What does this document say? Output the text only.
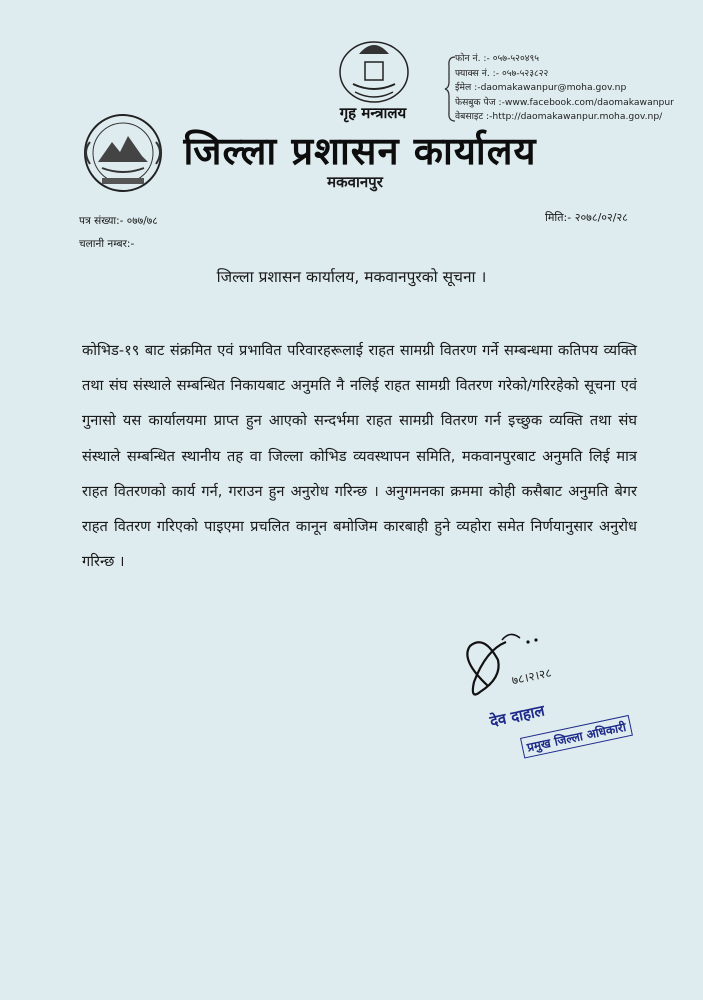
गृह मन्त्रालय
जिल्ला प्रशासन कार्यालय
मकवानपुर
फोन नं. :- ०५७-५२०४९५
फ्याक्स नं. :- ०५७-५२३८२२
ईमेल :-daomakawanpur@moha.gov.np
फेसबुक पेज :-www.facebook.com/daomakawanpur
वेबसाइट :-http://daomakawanpur.moha.gov.np/
पत्र संख्या:- ०७७/७८
चलानी नम्बर:-
मिति:- २०७८/०२/२८
जिल्ला प्रशासन कार्यालय, मकवानपुरको सूचना ।
कोभिड-१९ बाट संक्रमित एवं प्रभावित परिवारहरूलाई राहत सामग्री वितरण गर्ने सम्बन्धमा कतिपय व्यक्ति तथा संघ संस्थाले सम्बन्धित निकायबाट अनुमति नै नलिई राहत सामग्री वितरण गरेको/गरिरहेको सूचना एवं गुनासो यस कार्यालयमा प्राप्त हुन आएको सन्दर्भमा राहत सामग्री वितरण गर्न इच्छुक व्यक्ति तथा संघ संस्थाले सम्बन्धित स्थानीय तह वा जिल्ला कोभिड व्यवस्थापन समिति, मकवानपुरबाट अनुमति लिई मात्र राहत वितरणको कार्य गर्न, गराउन हुन अनुरोध गरिन्छ । अनुगमनका क्रममा कोही कसैबाट अनुमति बेगर राहत वितरण गरिएको पाइएमा प्रचलित कानून बमोजिम कारबाही हुने व्यहोरा समेत निर्णयानुसार अनुरोध गरिन्छ ।
७८।२।२८
देव दाहाल
प्रमुख जिल्ला अधिकारी
